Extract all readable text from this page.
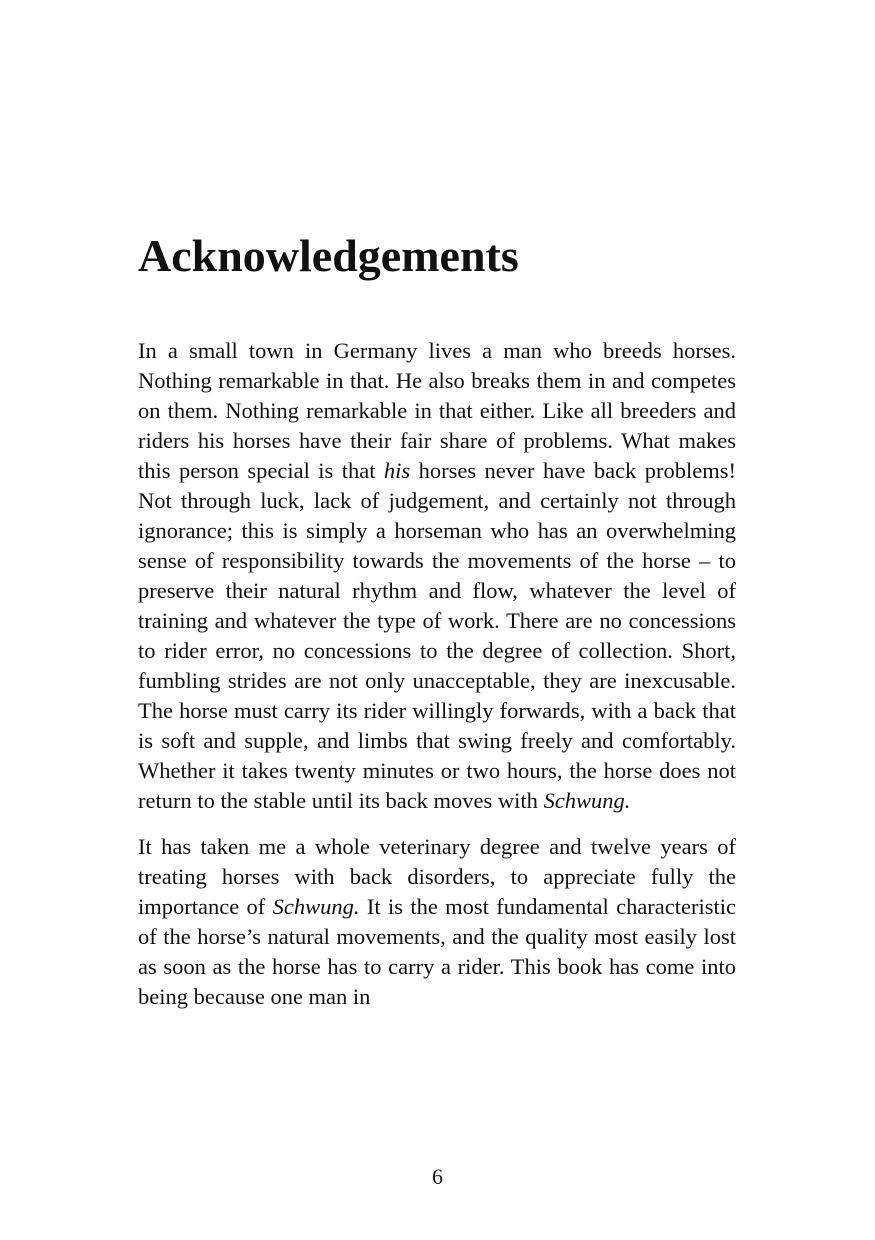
Acknowledgements

In a small town in Germany lives a man who breeds horses. Nothing remarkable in that. He also breaks them in and competes on them. Nothing remarkable in that either. Like all breeders and riders his horses have their fair share of problems. What makes this person special is that his horses never have back problems! Not through luck, lack of judgement, and certainly not through ignorance; this is simply a horseman who has an overwhelming sense of responsibility towards the movements of the horse – to preserve their natural rhythm and flow, whatever the level of training and whatever the type of work. There are no concessions to rider error, no concessions to the degree of collection. Short, fumbling strides are not only unacceptable, they are inexcusable. The horse must carry its rider willingly forwards, with a back that is soft and supple, and limbs that swing freely and comfortably. Whether it takes twenty minutes or two hours, the horse does not return to the stable until its back moves with Schwung.

It has taken me a whole veterinary degree and twelve years of treating horses with back disorders, to appreciate fully the importance of Schwung. It is the most fundamental characteristic of the horse’s natural movements, and the quality most easily lost as soon as the horse has to carry a rider. This book has come into being because one man in

6
